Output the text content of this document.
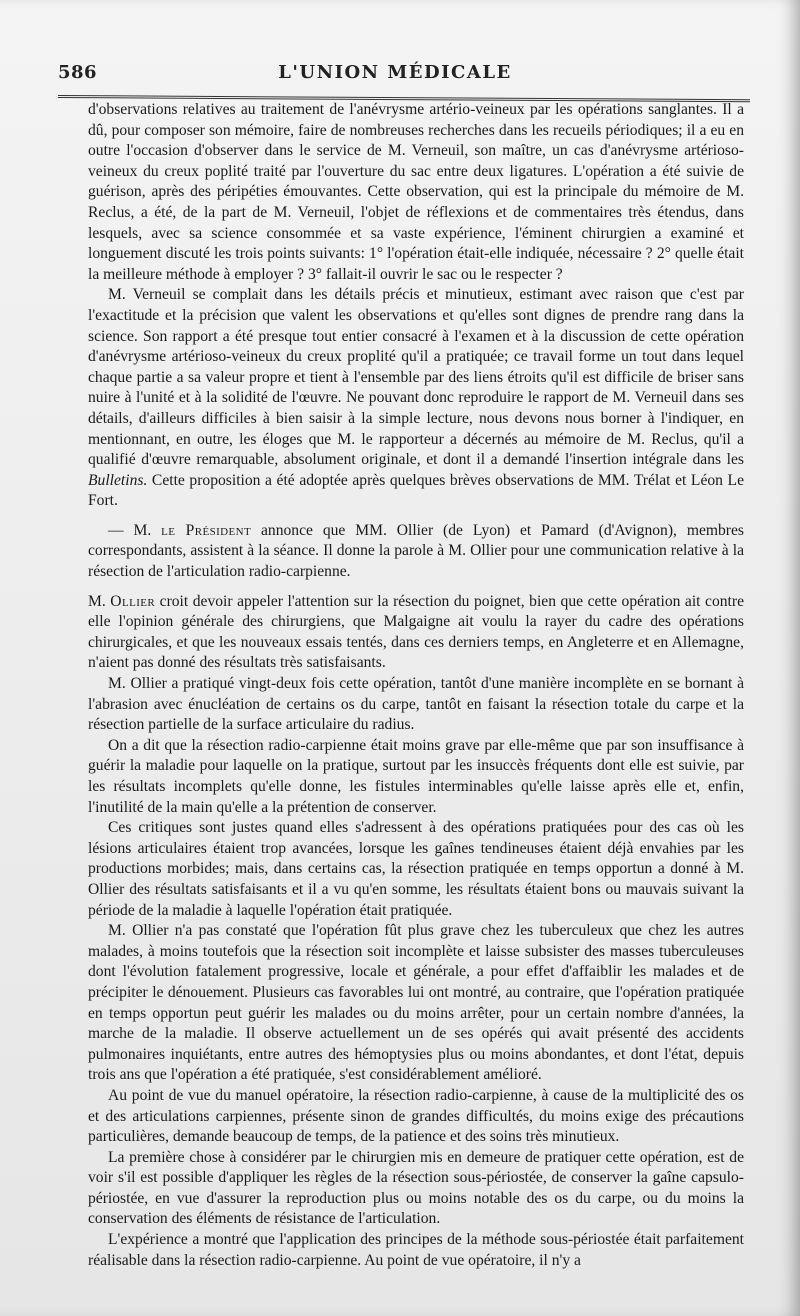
586	L'UNION MÉDICALE

d'observations relatives au traitement de l'anévrysme artério-veineux par les opérations sanglantes. Il a dû, pour composer son mémoire, faire de nombreuses recherches dans les recueils périodiques; il a eu en outre l'occasion d'observer dans le service de M. Verneuil, son maître, un cas d'anévrysme artérioso-veineux du creux poplité traité par l'ouverture du sac entre deux ligatures. L'opération a été suivie de guérison, après des péripéties émouvantes. Cette observation, qui est la principale du mémoire de M. Reclus, a été, de la part de M. Verneuil, l'objet de réflexions et de commentaires très étendus, dans lesquels, avec sa science consommée et sa vaste expérience, l'éminent chirurgien a examiné et longuement discuté les trois points suivants: 1° l'opération était-elle indiquée, nécessaire ? 2° quelle était la meilleure méthode à employer ? 3° fallait-il ouvrir le sac ou le respecter ?

M. Verneuil se complait dans les détails précis et minutieux, estimant avec raison que c'est par l'exactitude et la précision que valent les observations et qu'elles sont dignes de prendre rang dans la science. Son rapport a été presque tout entier consacré à l'examen et à la discussion de cette opération d'anévrysme artérioso-veineux du creux proplité qu'il a pratiquée; ce travail forme un tout dans lequel chaque partie a sa valeur propre et tient à l'ensemble par des liens étroits qu'il est difficile de briser sans nuire à l'unité et à la solidité de l'œuvre. Ne pouvant donc reproduire le rapport de M. Verneuil dans ses détails, d'ailleurs difficiles à bien saisir à la simple lecture, nous devons nous borner à l'indiquer, en mentionnant, en outre, les éloges que M. le rapporteur a décernés au mémoire de M. Reclus, qu'il a qualifié d'œuvre remarquable, absolument originale, et dont il a demandé l'insertion intégrale dans les Bulletins. Cette proposition a été adoptée après quelques brèves observations de MM. Trélat et Léon Le Fort.

— M. le Président annonce que MM. Ollier (de Lyon) et Pamard (d'Avignon), membres correspondants, assistent à la séance. Il donne la parole à M. Ollier pour une communication relative à la résection de l'articulation radio-carpienne.

M. Ollier croit devoir appeler l'attention sur la résection du poignet, bien que cette opération ait contre elle l'opinion générale des chirurgiens, que Malgaigne ait voulu la rayer du cadre des opérations chirurgicales, et que les nouveaux essais tentés, dans ces derniers temps, en Angleterre et en Allemagne, n'aient pas donné des résultats très satisfaisants.

M. Ollier a pratiqué vingt-deux fois cette opération, tantôt d'une manière incomplète en se bornant à l'abrasion avec énucléation de certains os du carpe, tantôt en faisant la résection totale du carpe et la résection partielle de la surface articulaire du radius.

On a dit que la résection radio-carpienne était moins grave par elle-même que par son insuffisance à guérir la maladie pour laquelle on la pratique, surtout par les insuccès fréquents dont elle est suivie, par les résultats incomplets qu'elle donne, les fistules interminables qu'elle laisse après elle et, enfin, l'inutilité de la main qu'elle a la prétention de conserver.

Ces critiques sont justes quand elles s'adressent à des opérations pratiquées pour des cas où les lésions articulaires étaient trop avancées, lorsque les gaînes tendineuses étaient déjà envahies par les productions morbides; mais, dans certains cas, la résection pratiquée en temps opportun a donné à M. Ollier des résultats satisfaisants et il a vu qu'en somme, les résultats étaient bons ou mauvais suivant la période de la maladie à laquelle l'opération était pratiquée.

M. Ollier n'a pas constaté que l'opération fût plus grave chez les tuberculeux que chez les autres malades, à moins toutefois que la résection soit incomplète et laisse subsister des masses tuberculeuses dont l'évolution fatalement progressive, locale et générale, a pour effet d'affaiblir les malades et de précipiter le dénouement. Plusieurs cas favorables lui ont montré, au contraire, que l'opération pratiquée en temps opportun peut guérir les malades ou du moins arrêter, pour un certain nombre d'années, la marche de la maladie. Il observe actuellement un de ses opérés qui avait présenté des accidents pulmonaires inquiétants, entre autres des hémoptysies plus ou moins abondantes, et dont l'état, depuis trois ans que l'opération a été pratiquée, s'est considérablement amélioré.

Au point de vue du manuel opératoire, la résection radio-carpienne, à cause de la multiplicité des os et des articulations carpiennes, présente sinon de grandes difficultés, du moins exige des précautions particulières, demande beaucoup de temps, de la patience et des soins très minutieux.

La première chose à considérer par le chirurgien mis en demeure de pratiquer cette opération, est de voir s'il est possible d'appliquer les règles de la résection sous-périostée, de conserver la gaîne capsulo-périostée, en vue d'assurer la reproduction plus ou moins notable des os du carpe, ou du moins la conservation des éléments de résistance de l'articulation.

L'expérience a montré que l'application des principes de la méthode sous-périostée était parfaitement réalisable dans la résection radio-carpienne. Au point de vue opératoire, il n'y a
